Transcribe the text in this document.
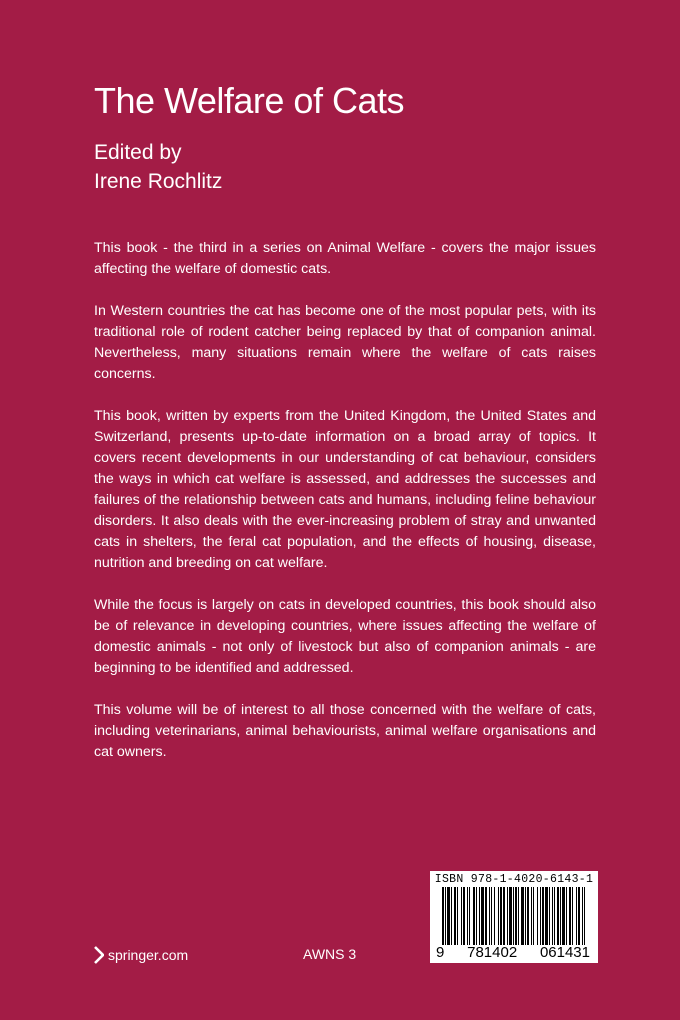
The Welfare of Cats
Edited by
Irene Rochlitz

This book - the third in a series on Animal Welfare - covers the major issues affecting the welfare of domestic cats.

In Western countries the cat has become one of the most popular pets, with its traditional role of rodent catcher being replaced by that of companion animal. Nevertheless, many situations remain where the welfare of cats raises concerns.

This book, written by experts from the United Kingdom, the United States and Switzerland, presents up-to-date information on a broad array of topics. It covers recent developments in our understanding of cat behaviour, considers the ways in which cat welfare is assessed, and addresses the successes and failures of the relationship between cats and humans, including feline behaviour disorders. It also deals with the ever-increasing problem of stray and unwanted cats in shelters, the feral cat population, and the effects of housing, disease, nutrition and breeding on cat welfare.

While the focus is largely on cats in developed countries, this book should also be of relevance in developing countries, where issues affecting the welfare of domestic animals - not only of livestock but also of companion animals - are beginning to be identified and addressed.

This volume will be of interest to all those concerned with the welfare of cats, including veterinarians, animal behaviourists, animal welfare organisations and cat owners.

springer.com	AWNS 3
ISBN 978-1-4020-6143-1
9 781402 061431
